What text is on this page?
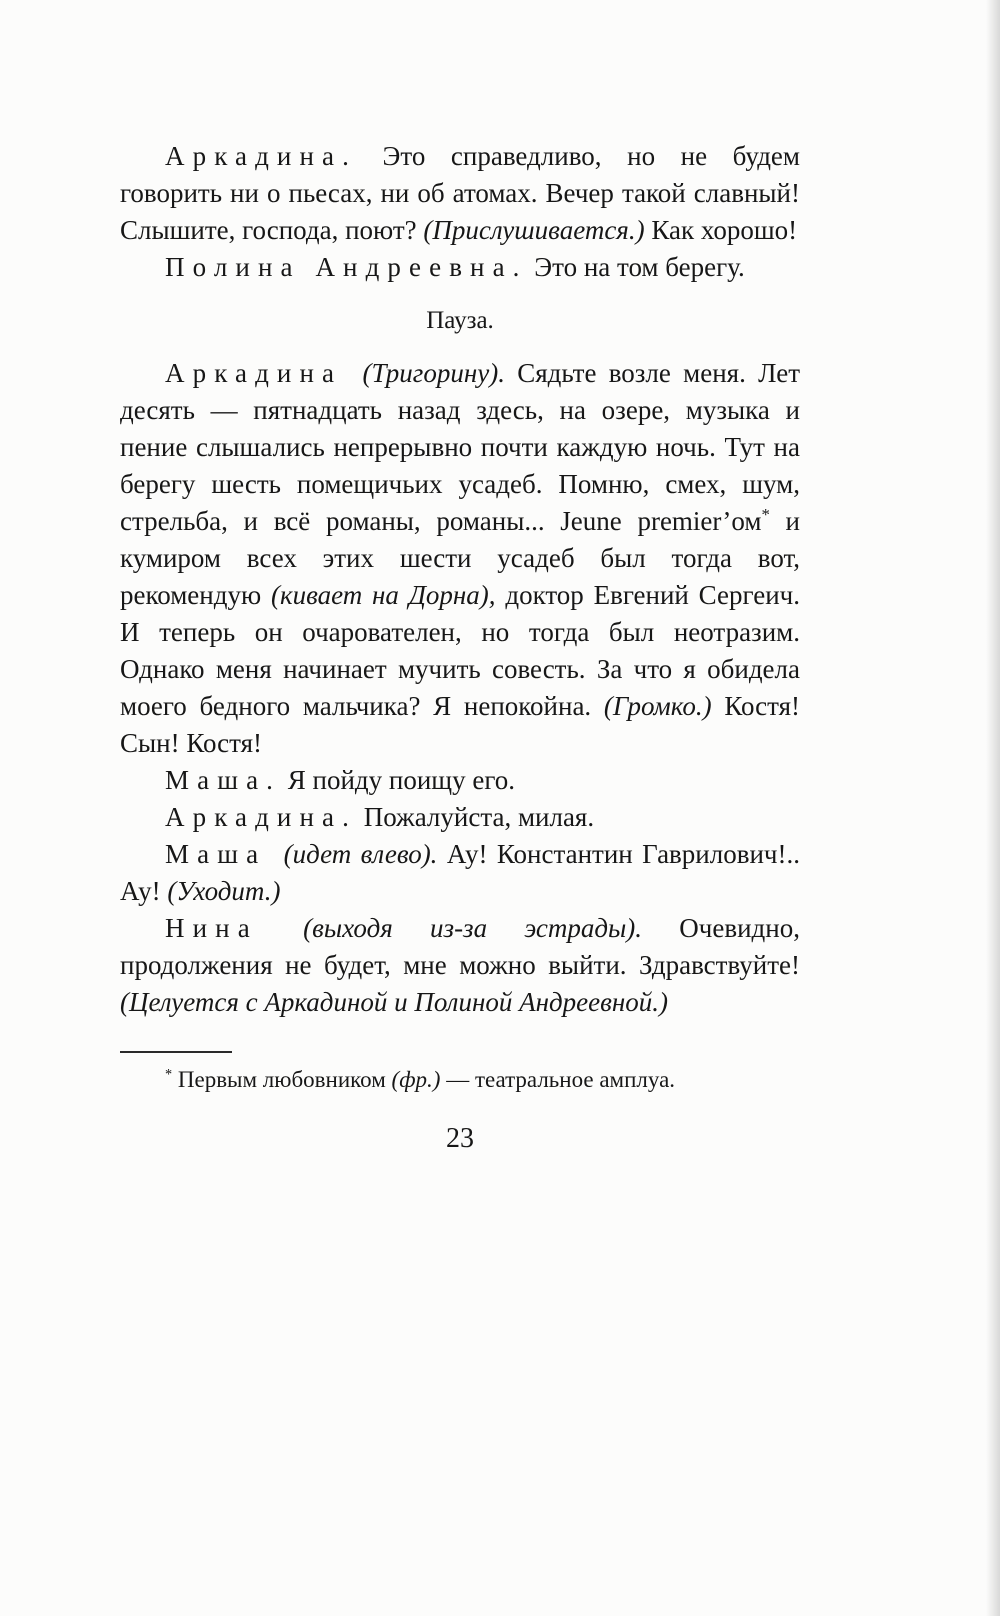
Аркадина. Это справедливо, но не будем говорить ни о пьесах, ни об атомах. Вечер такой славный! Слышите, господа, поют? (Прислушивается.) Как хорошо!

Полина Андреевна. Это на том берегу.

Пауза.

Аркадина (Тригорину). Сядьте возле меня. Лет десять — пятнадцать назад здесь, на озере, музыка и пение слышались непрерывно почти каждую ночь. Тут на берегу шесть помещичьих усадеб. Помню, смех, шум, стрельба, и всё романы, романы... Jeune premier’ом* и кумиром всех этих шести усадеб был тогда вот, рекомендую (кивает на Дорна), доктор Евгений Сергеич. И теперь он очарователен, но тогда был неотразим. Однако меня начинает мучить совесть. За что я обидела моего бедного мальчика? Я непокойна. (Громко.) Костя! Сын! Костя!

Маша. Я пойду поищу его.

Аркадина. Пожалуйста, милая.

Маша (идет влево). Ау! Константин Гаврилович!.. Ау! (Уходит.)

Нина (выходя из-за эстрады). Очевидно, продолжения не будет, мне можно выйти. Здравствуйте! (Целуется с Аркадиной и Полиной Андреевной.)

* Первым любовником (фр.) — театральное амплуа.

23
